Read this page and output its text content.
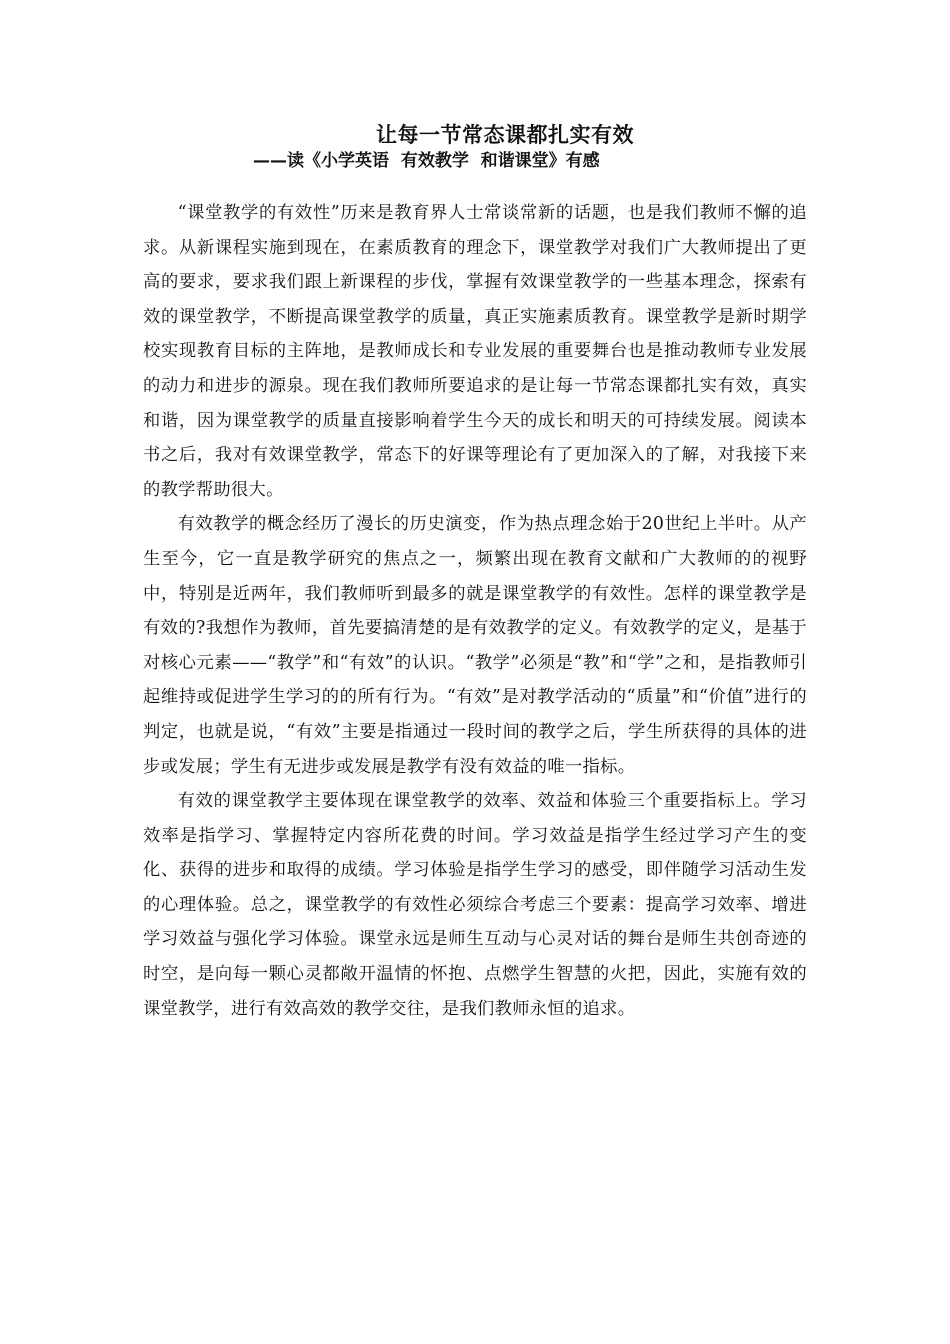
让每一节常态课都扎实有效
——读《小学英语  有效教学  和谐课堂》有感

“课堂教学的有效性”历来是教育界人士常谈常新的话题，也是我们教师不懈的追求。从新课程实施到现在，在素质教育的理念下，课堂教学对我们广大教师提出了更高的要求，要求我们跟上新课程的步伐，掌握有效课堂教学的一些基本理念，探索有效的课堂教学，不断提高课堂教学的质量，真正实施素质教育。课堂教学是新时期学校实现教育目标的主阵地，是教师成长和专业发展的重要舞台也是推动教师专业发展的动力和进步的源泉。现在我们教师所要追求的是让每一节常态课都扎实有效，真实和谐，因为课堂教学的质量直接影响着学生今天的成长和明天的可持续发展。阅读本书之后，我对有效课堂教学，常态下的好课等理论有了更加深入的了解，对我接下来的教学帮助很大。

有效教学的概念经历了漫长的历史演变，作为热点理念始于20世纪上半叶。从产生至今，它一直是教学研究的焦点之一，频繁出现在教育文献和广大教师的的视野中，特别是近两年，我们教师听到最多的就是课堂教学的有效性。怎样的课堂教学是有效的?我想作为教师，首先要搞清楚的是有效教学的定义。有效教学的定义，是基于对核心元素——“教学”和“有效”的认识。“教学”必须是“教”和“学”之和，是指教师引起维持或促进学生学习的的所有行为。“有效”是对教学活动的“质量”和“价值”进行的判定，也就是说，“有效”主要是指通过一段时间的教学之后，学生所获得的具体的进步或发展；学生有无进步或发展是教学有没有效益的唯一指标。

有效的课堂教学主要体现在课堂教学的效率、效益和体验三个重要指标上。学习效率是指学习、掌握特定内容所花费的时间。学习效益是指学生经过学习产生的变化、获得的进步和取得的成绩。学习体验是指学生学习的感受，即伴随学习活动生发的心理体验。总之，课堂教学的有效性必须综合考虑三个要素：提高学习效率、增进学习效益与强化学习体验。课堂永远是师生互动与心灵对话的舞台是师生共创奇迹的时空，是向每一颗心灵都敞开温情的怀抱、点燃学生智慧的火把，因此，实施有效的课堂教学，进行有效高效的教学交往，是我们教师永恒的追求。
